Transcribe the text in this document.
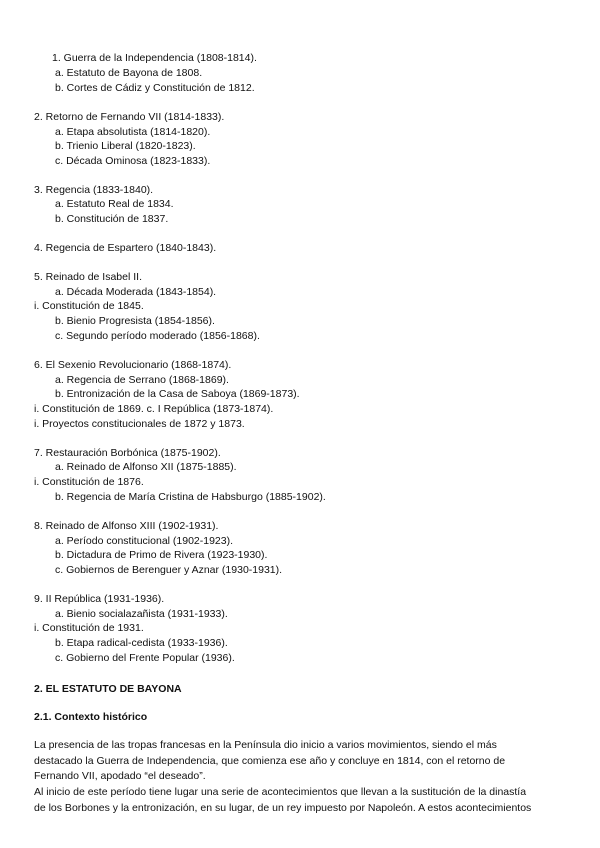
1. Guerra de la Independencia (1808-1814).
a. Estatuto de Bayona de 1808.
b. Cortes de Cádiz y Constitución de 1812.
2. Retorno de Fernando VII (1814-1833).
a. Etapa absolutista (1814-1820).
b. Trienio Liberal (1820-1823).
c. Década Ominosa (1823-1833).
3. Regencia (1833-1840).
a. Estatuto Real de 1834.
b. Constitución de 1837.
4. Regencia de Espartero (1840-1843).
5. Reinado de Isabel II.
a. Década Moderada (1843-1854).
i. Constitución de 1845.
b. Bienio Progresista (1854-1856).
c. Segundo período moderado (1856-1868).
6. El Sexenio Revolucionario (1868-1874).
a. Regencia de Serrano (1868-1869).
b. Entronización de la Casa de Saboya (1869-1873).
i. Constitución de 1869. c. I República (1873-1874).
i. Proyectos constitucionales de 1872 y 1873.
7. Restauración Borbónica (1875-1902).
a. Reinado de Alfonso XII (1875-1885).
i. Constitución de 1876.
b. Regencia de María Cristina de Habsburgo (1885-1902).
8. Reinado de Alfonso XIII (1902-1931).
a. Período constitucional (1902-1923).
b. Dictadura de Primo de Rivera (1923-1930).
c. Gobiernos de Berenguer y Aznar (1930-1931).
9. II República (1931-1936).
a. Bienio socialazañista (1931-1933).
i. Constitución de 1931.
b. Etapa radical-cedista (1933-1936).
c. Gobierno del Frente Popular (1936).
2. EL ESTATUTO DE BAYONA
2.1. Contexto histórico
La presencia de las tropas francesas en la Península dio inicio a varios movimientos, siendo el más
destacado la Guerra de Independencia, que comienza ese año y concluye en 1814, con el retorno de
Fernando VII, apodado “el deseado”.
Al inicio de este período tiene lugar una serie de acontecimientos que llevan a la sustitución de la dinastía
de los Borbones y la entronización, en su lugar, de un rey impuesto por Napoleón. A estos acontecimientos
